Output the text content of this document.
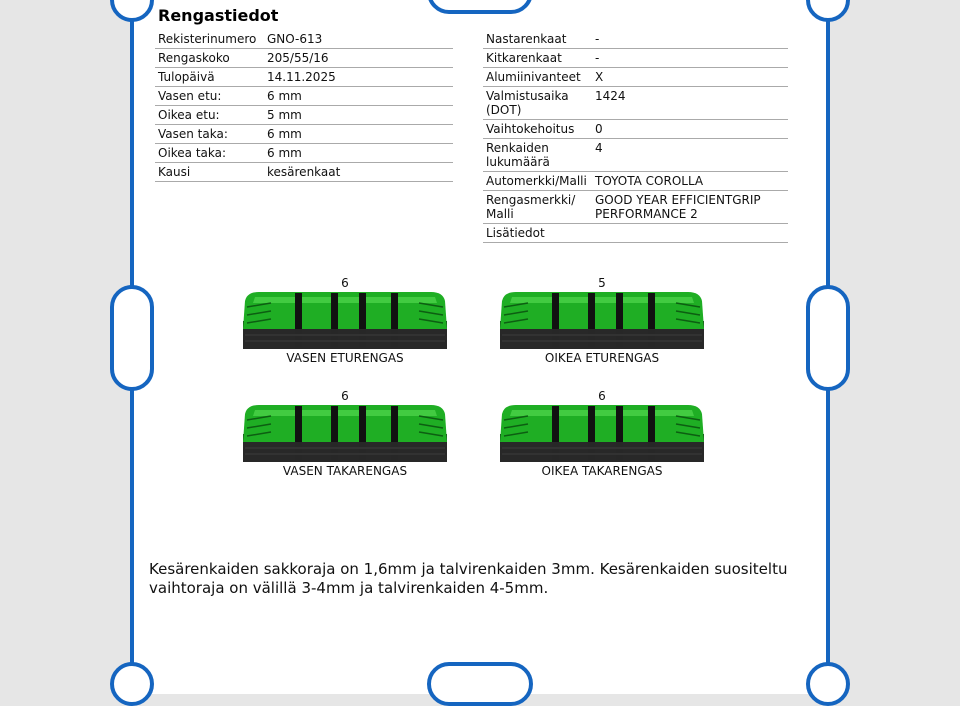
Rengastiedot
Rekisterinumero	GNO-613
Rengaskoko	205/55/16
Tulopäivä	14.11.2025
Vasen etu:	6 mm
Oikea etu:	5 mm
Vasen taka:	6 mm
Oikea taka:	6 mm
Kausi	kesärenkaat
Nastarenkaat	-
Kitkarenkaat	-
Alumiinivanteet	X
Valmistusaika (DOT)	1424
Vaihtokehoitus	0
Renkaiden lukumäärä	4
Automerkki/Malli	TOYOTA COROLLA
Rengasmerkki/ Malli	GOOD YEAR EFFICIENTGRIP PERFORMANCE 2
Lisätiedot	
6
VASEN ETURENGAS
5
OIKEA ETURENGAS
6
VASEN TAKARENGAS
6
OIKEA TAKARENGAS

Kesärenkaiden sakkoraja on 1,6mm ja talvirenkaiden 3mm. Kesärenkaiden suositeltu vaihtoraja on välillä 3-4mm ja talvirenkaiden 4-5mm.
